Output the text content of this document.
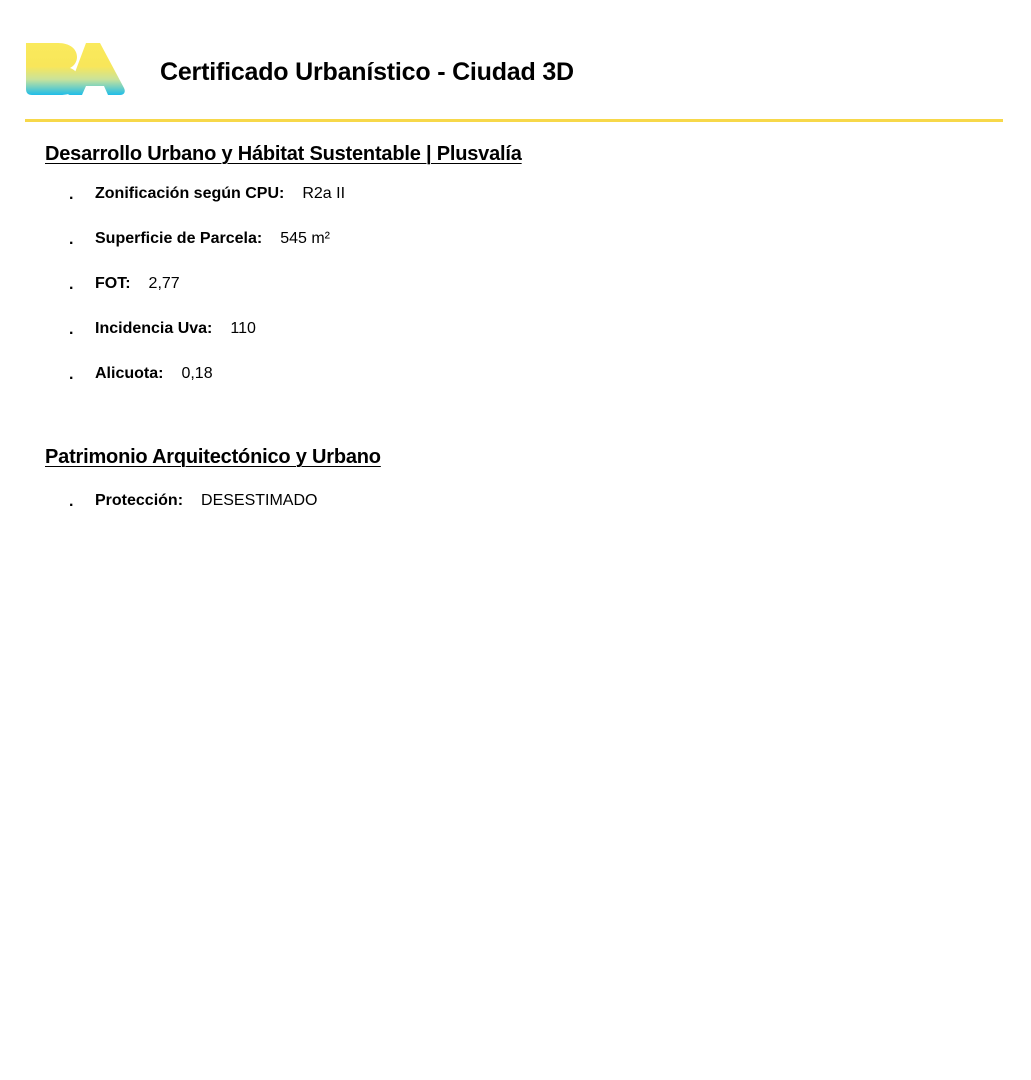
Certificado Urbanístico - Ciudad 3D
Desarrollo Urbano y Hábitat Sustentable | Plusvalía
. Zonificación según CPU: R2a II
. Superficie de Parcela: 545 m²
. FOT: 2,77
. Incidencia Uva: 110
. Alicuota: 0,18
Patrimonio Arquitectónico y Urbano
. Protección: DESESTIMADO
